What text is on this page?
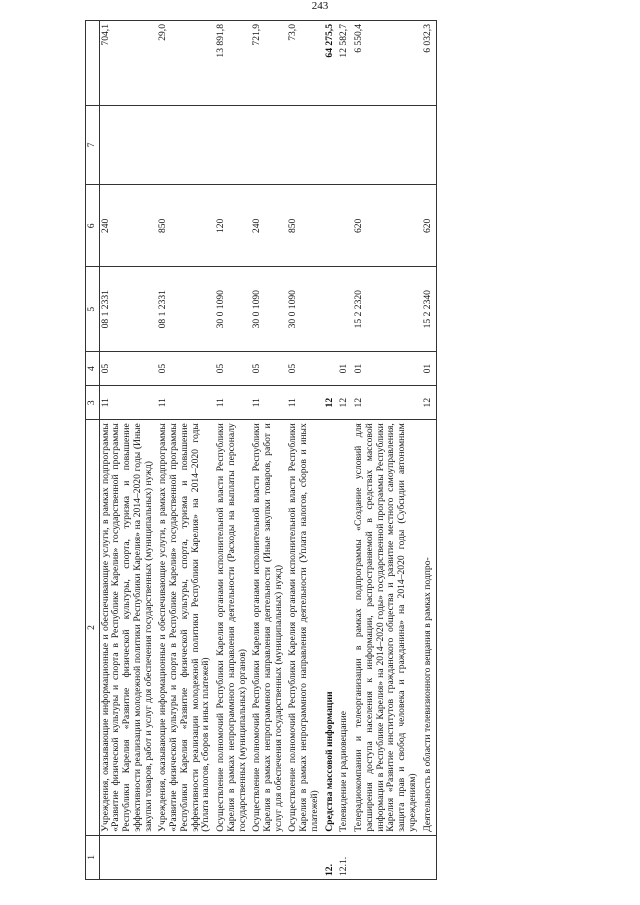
243
1	2	3	4	5	6	7	
	Учреждения, оказывающие информационные и обеспечивающие услуги, в рамках подпрограммы «Развитие физической культуры и спорта в Республике Карелия» государственной программы Республики Карелия «Развитие физической культуры, спорта, туризма и повышение эффективности реализации молодежной политики Республики Карелия» на 2014–2020 годы (Иные закупки товаров, работ и услуг для обеспечения государственных (муниципальных) нужд)	11	05	08 1 2331	240		704,1
	Учреждения, оказывающие информационные и обеспечивающие услуги, в рамках подпрограммы «Развитие физической культуры и спорта в Республике Карелия» государственной программы Республики Карелия «Развитие физической культуры, спорта, туризма и повышение эффективности реализации молодежной политики Республики Карелия» на 2014–2020 годы (Уплата налогов, сборов и иных платежей)	11	05	08 1 2331	850		29,0
	Осуществление полномочий Республики Карелия органами исполнительной власти Республики Карелия в рамках непрограммного направления деятельности (Расходы на выплаты персоналу государственных (муниципальных) органов)	11	05	30 0 1090	120		13 891,8
	Осуществление полномочий Республики Карелия органами исполнительной власти Республики Карелия в рамках непрограммного направления деятельности (Иные закупки товаров, работ и услуг для обеспечения государственных (муниципальных) нужд)	11	05	30 0 1090	240		721,9
	Осуществление полномочий Республики Карелия органами исполнительной власти Республики Карелия в рамках непрограммного направления деятельности (Уплата налогов, сборов и иных платежей)	11	05	30 0 1090	850		73,0
12.	Средства массовой информации	12					64 275,5
12.1.	Телевидение и радиовещание	12	01				12 582,7
	Телерадиокомпании и телеорганизации в рамках подпрограммы «Создание условий для расширения доступа населения к информации, распространяемой в средствах массовой информации в Республике Карелия» на 2014–2020 годы» государственной программы Республики Карелия «Развитие институтов гражданского общества и развитие местного самоуправления, защита прав и свобод человека и гражданина» на 2014–2020 годы (Субсидии автономным учреждениям)	12	01	15 2 2320	620		6 550,4
	Деятельность в области телевизионного вещания в рамках подпро-	12	01	15 2 2340	620		6 032,3
